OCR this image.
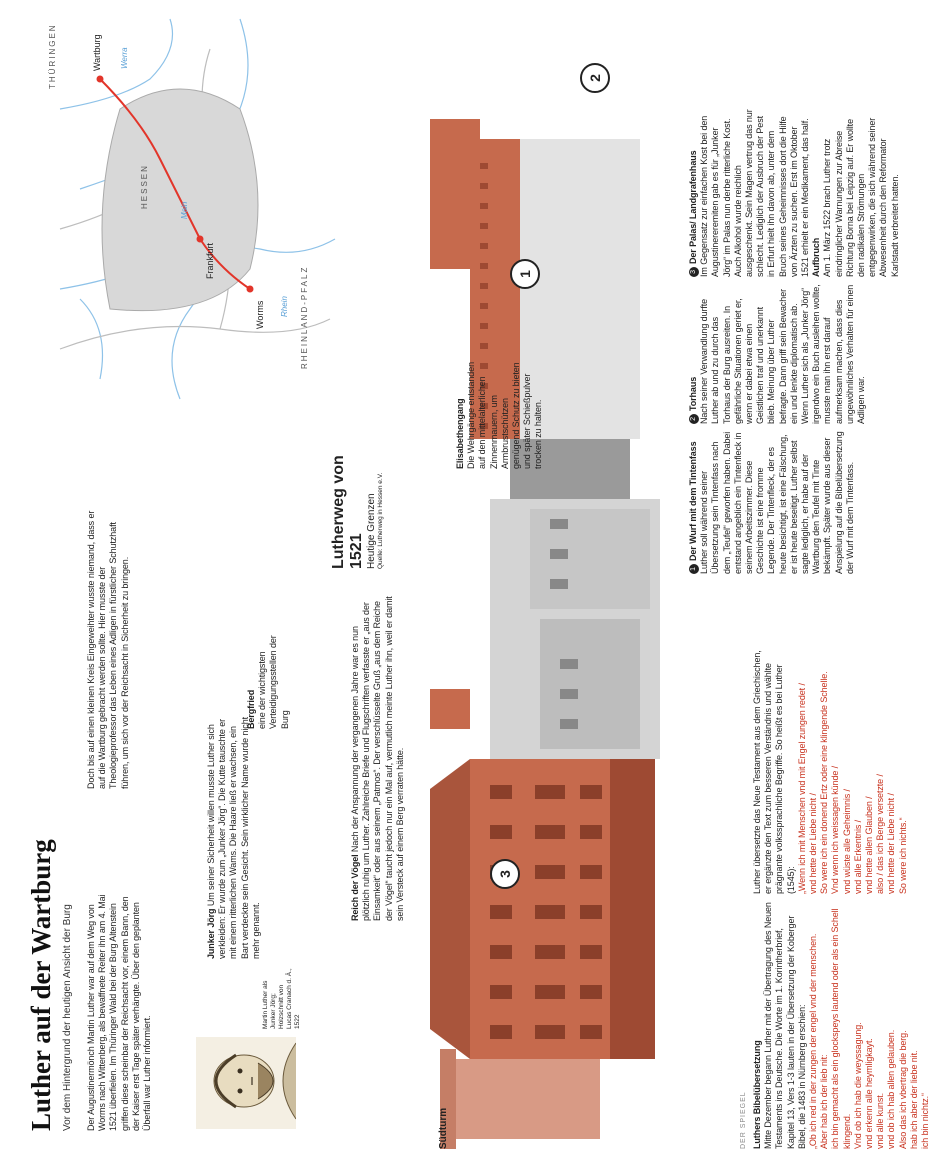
Luther auf der Wartburg Vor dem Hintergrund der heutigen Ansicht der Burg Der Augustinermönch Martin Luther war auf dem Weg von Worms nach Wittenberg, als bewaffnete Reiter ihn am 4. Mai 1521 überfielen. Im Thüringer Wald bei der Burg Altenstein griffen diese scheinbar der Reichsacht vor, einem Bann, den der Kaiser erst Tage später verhängte. Über den geplanten Überfall war Luther informiert.
Doch bis auf einen kleinen Kreis Eingeweihter wusste niemand, dass er auf die Wartburg gebracht werden sollte. Hier musste der Theologieprofessor das Leben eines Adligen in fürstlicher Schutzhaft führen, um sich vor der Reichsacht in Sicherheit zu bringen.
Martin Luther als Junker Jörg; Holzschnitt von Lucas Cranach d. Ä., 1522
Junker Jörg Um seiner Sicherheit willen musste Luther sich verkleiden: Er wurde zum „Junker Jörg“. Die Kutte tauschte er mit einem ritterlichen Wams. Die Haare ließ er wachsen, ein Bart verdeckte sein Gesicht. Sein wirklicher Name wurde nicht mehr genannt.
Reich der Vögel Nach der Anspannung der vergangenen Jahre war es nun plötzlich ruhig um Luther. Zahlreiche Briefe und Flugschriften verfasste er „aus der Einsamkeit“ oder aus seinem „Patmos“. Der verschlüsselte Gruß „aus dem Reiche der Vögel“ taucht jedoch nur ein Mal auf, vermutlich meinte Luther ihn, weil er damit sein Versteck auf einem Berg verraten hätte.
Bergfried eine der wichtigsten Verteidigungsstellen der Burg
3
1
2
Südturm	DER SPIEGEL
Elisabethengang Die Wehrgänge entstanden auf den mittelalterlichen Zinnenmauern, um Armbrustschützen genügend Schutz zu bieten und später Schießpulver trocken zu halten.
Luthers Bibelübersetzung Mitte Dezember begann Luther mit der Übertragung des Neuen Testaments ins Deutsche. Die Worte im 1. Korintherbrief, Kapitel 13, Vers 1-3 lauten in der Übersetzung der Koberger Bibel, die 1483 in Nürnberg erschien: „Ob ich red in der zungen der engel vnd der menschen. Aber hab ich der lieb nit: ich bin gemacht als ein glockspeys lautend oder als ein Schell klingend. Vnd ob ich hab die weyssagung. vnd erkenn alle heymligkayt. vnd alle kunst. vnd ob ich hab allen gelauben. Also das ich vbertrag die berg. hab ich aber der liebe nit. ich bin nichtz.“
Luther übersetzte das Neue Testament aus dem Griechischen, er ergänzte den Text zum besseren Verständnis und wählte prägnante volkssprachliche Begriffe. So heißt es bei Luther (1545): „Wenn ich mit Menschen vnd mit Engel zungen redet / vnd hette der Liebe nicht / So were ich ein donend Ertz oder eine klingende Schelle. Vnd wenn ich weissagen künde / vnd wüste alle Geheimnis / vnd alle Erkentnis / vnd hette allen Glauben / also / das ich Berge versetzte / vnd hette der Liebe nicht / So were ich nichts.“
1Der Wurf mit dem Tintenfass Luther soll während seiner Übersetzung sein Tintenfass nach dem „Teufel“ geworfen haben. Dabei entstand angeblich ein Tintenfleck in seinem Arbeitszimmer. Diese Geschichte ist eine fromme Legende. Der Tintenfleck, der es heute besichtigt, ist eine Fälschung, er ist heute beseitigt. Luther selbst sagte lediglich, er habe auf der Wartburg den Teufel mit Tinte bekämpft. Später wurde aus dieser Anspielung auf die Bibelübersetzung der Wurf mit dem Tintenfass.
2Torhaus Nach seiner Verwandlung durfte Luther ab und zu durch das Torhaus der Burg ausreiten. In gefährliche Situationen geriet er, wenn er dabei etwa einen Geistlichen traf und unerkannt blieb. Meinung über Luther befragte. Dann griff sein Bewacher ein und lenkte diplomatisch ab. Wenn Luther sich als „Junker Jörg“ irgendwo ein Buch ausleihen wollte, musste man ihn erst darauf aufmerksam machen, dass dies ungewöhnliches Verhalten für einen Adligen war.
3Der Palas/ Landgrafenhaus Im Gegensatz zur einfachen Kost bei den Augustinereremiten gab es für „Junker Jörg“ im Palas nun derbe ritterliche Kost. Auch Alkohol wurde reichlich ausgeschenkt. Sein Magen vertrug das nur schlecht. Lediglich der Ausbruch der Pest in Erfurt hielt ihn davon ab, unter dem Bruch seines Geheimnisses dort die Hilfe von Ärzten zu suchen. Erst im Oktober 1521 erhielt er ein Medikament, das half. Aufbruch Am 1. März 1522 brach Luther trotz eindringlicher Warnungen zur Abreise Richtung Borna bei Leipzig auf. Er wollte den radikalen Strömungen entgegenwirken, die sich während seiner Abwesenheit durch den Reformator Karlstadt verbreitet hatten.
Wartburg
Frankfurt
Worms
Werra
Main
Rhein
THÜRINGEN
HESSEN
RHEINLAND-PFALZ
Lutherweg von 1521 Heutige Grenzen Quelle: Lutherweg in Hessen e.V.
